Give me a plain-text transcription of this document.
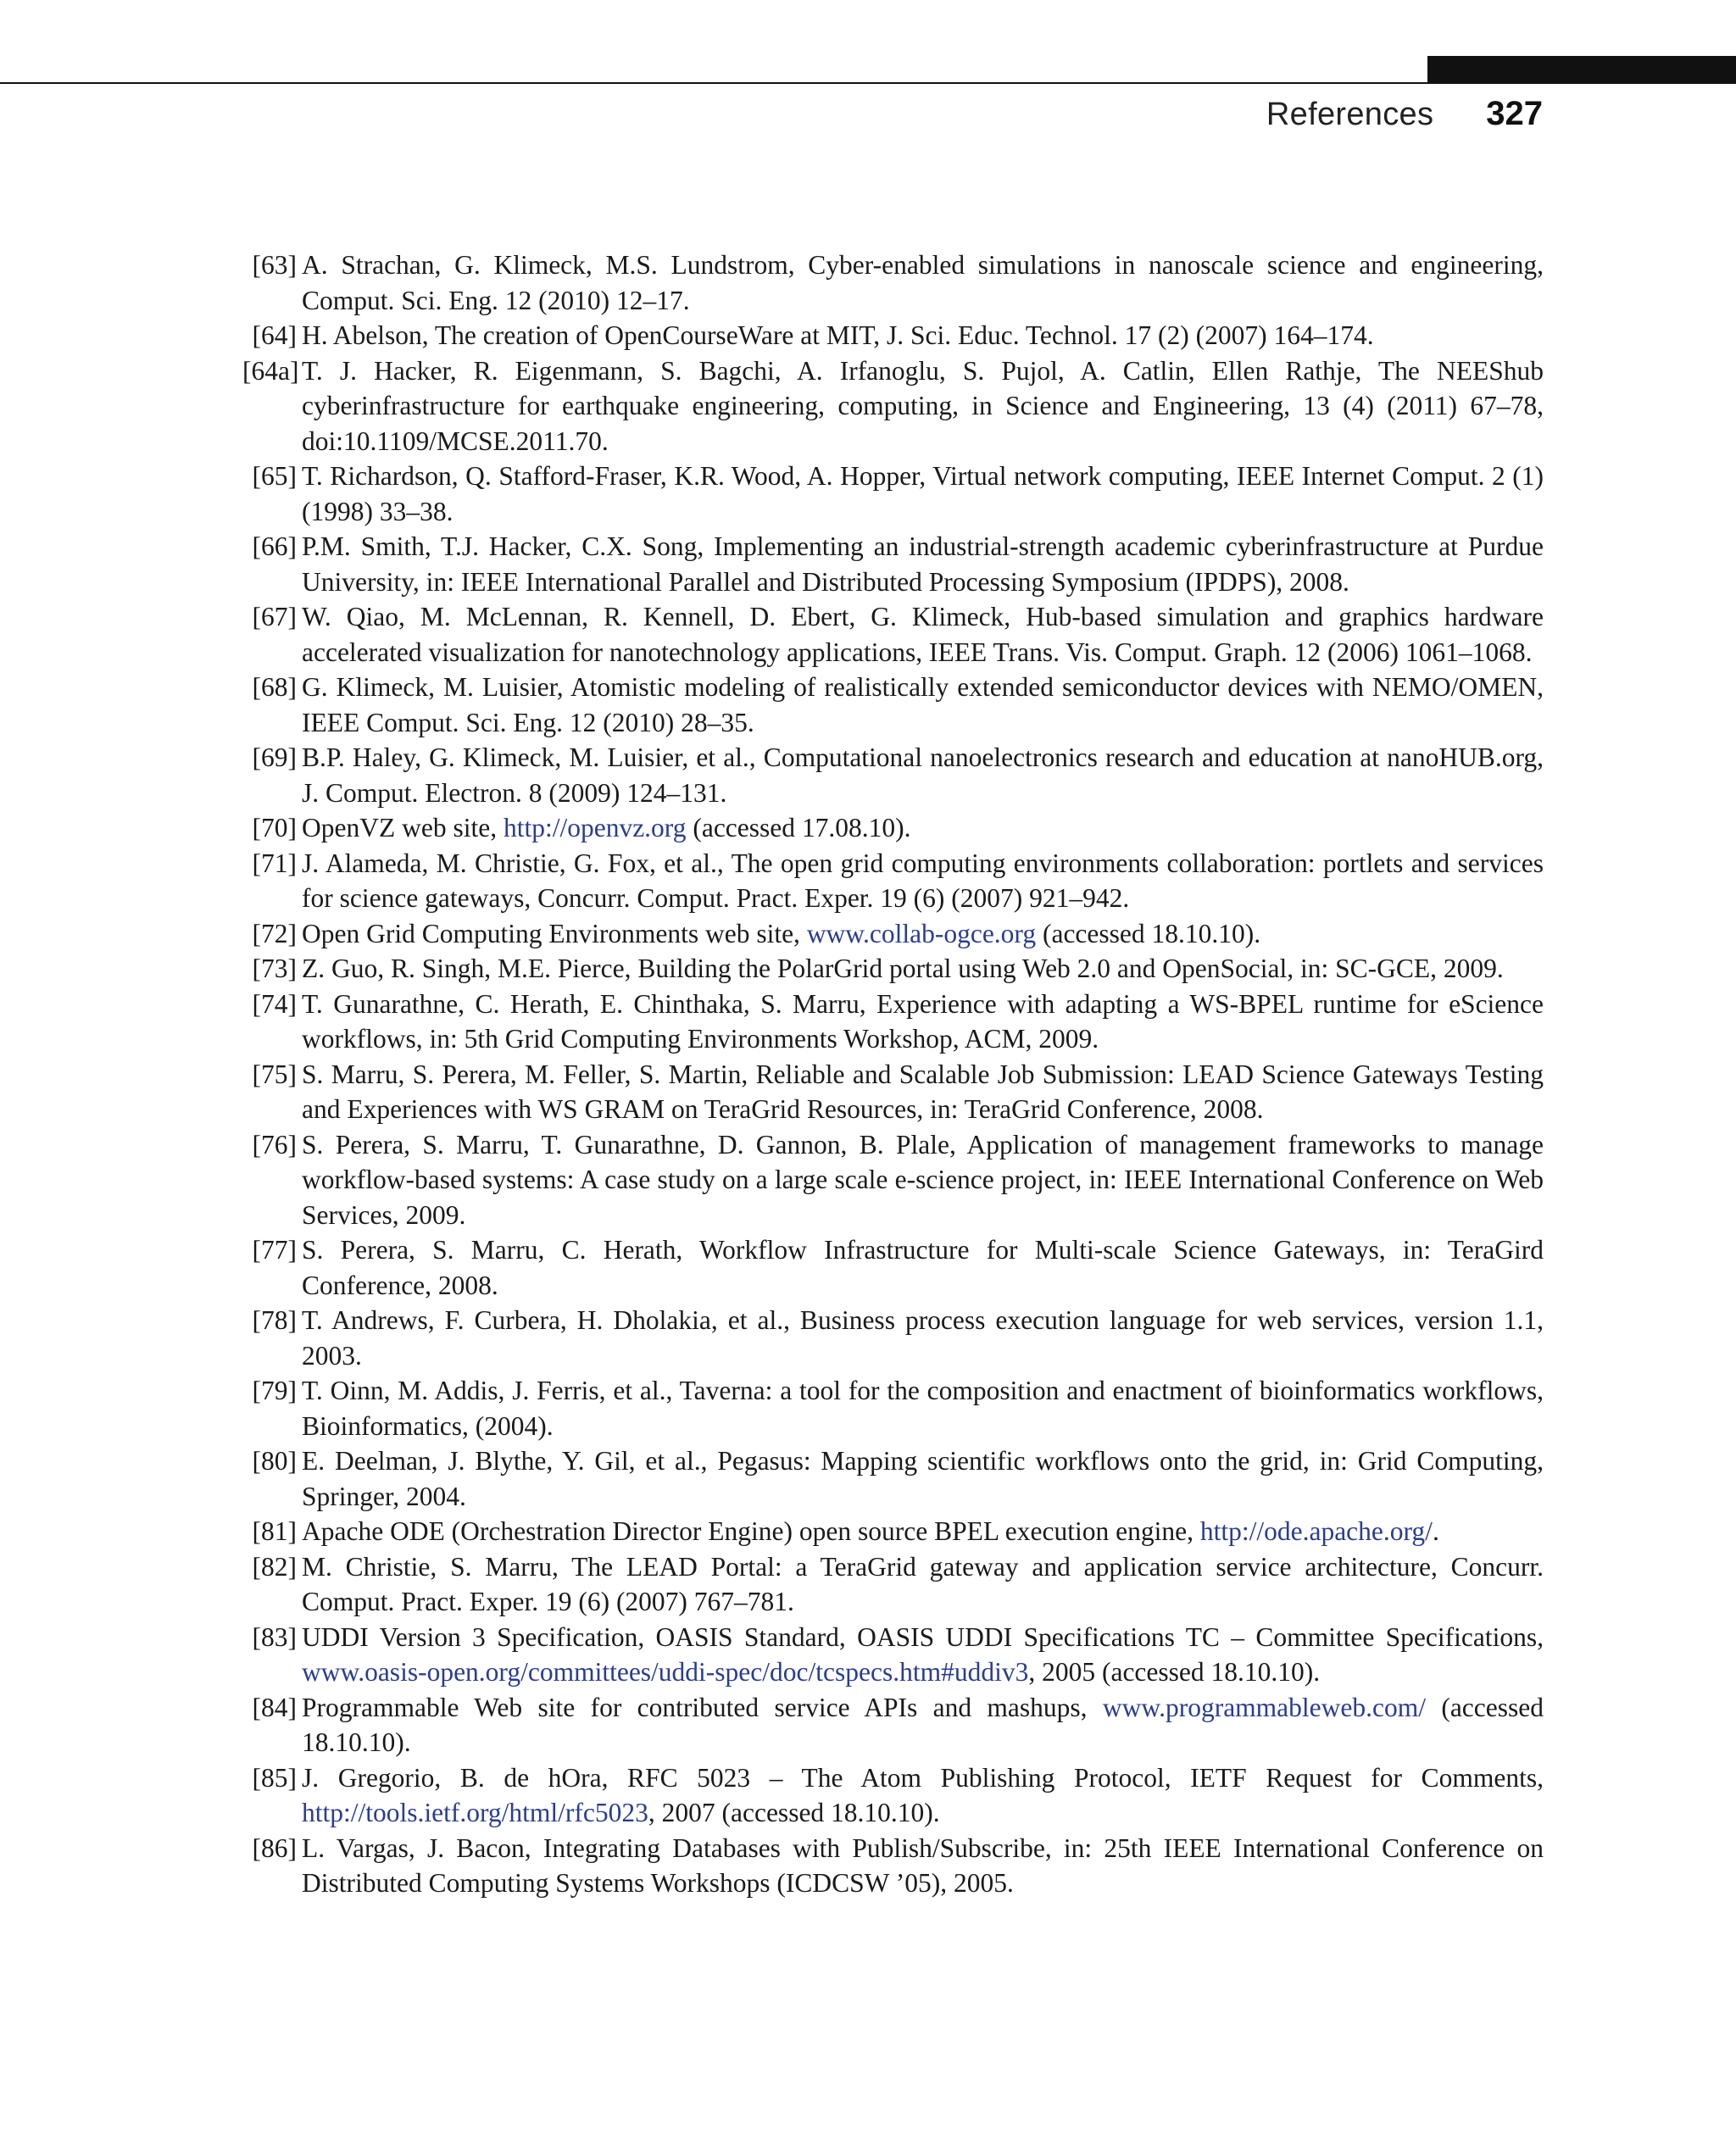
References 327
[63] A. Strachan, G. Klimeck, M.S. Lundstrom, Cyber-enabled simulations in nanoscale science and engineering, Comput. Sci. Eng. 12 (2010) 12–17.
[64] H. Abelson, The creation of OpenCourseWare at MIT, J. Sci. Educ. Technol. 17 (2) (2007) 164–174.
[64a] T. J. Hacker, R. Eigenmann, S. Bagchi, A. Irfanoglu, S. Pujol, A. Catlin, Ellen Rathje, The NEEShub cyberinfrastructure for earthquake engineering, computing, in Science and Engineering, 13 (4) (2011) 67–78, doi:10.1109/MCSE.2011.70.
[65] T. Richardson, Q. Stafford-Fraser, K.R. Wood, A. Hopper, Virtual network computing, IEEE Internet Comput. 2 (1) (1998) 33–38.
[66] P.M. Smith, T.J. Hacker, C.X. Song, Implementing an industrial-strength academic cyberinfrastructure at Purdue University, in: IEEE International Parallel and Distributed Processing Symposium (IPDPS), 2008.
[67] W. Qiao, M. McLennan, R. Kennell, D. Ebert, G. Klimeck, Hub-based simulation and graphics hardware accelerated visualization for nanotechnology applications, IEEE Trans. Vis. Comput. Graph. 12 (2006) 1061–1068.
[68] G. Klimeck, M. Luisier, Atomistic modeling of realistically extended semiconductor devices with NEMO/OMEN, IEEE Comput. Sci. Eng. 12 (2010) 28–35.
[69] B.P. Haley, G. Klimeck, M. Luisier, et al., Computational nanoelectronics research and education at nanoHUB.org, J. Comput. Electron. 8 (2009) 124–131.
[70] OpenVZ web site, http://openvz.org (accessed 17.08.10).
[71] J. Alameda, M. Christie, G. Fox, et al., The open grid computing environments collaboration: portlets and services for science gateways, Concurr. Comput. Pract. Exper. 19 (6) (2007) 921–942.
[72] Open Grid Computing Environments web site, www.collab-ogce.org (accessed 18.10.10).
[73] Z. Guo, R. Singh, M.E. Pierce, Building the PolarGrid portal using Web 2.0 and OpenSocial, in: SC-GCE, 2009.
[74] T. Gunarathne, C. Herath, E. Chinthaka, S. Marru, Experience with adapting a WS-BPEL runtime for eScience workflows, in: 5th Grid Computing Environments Workshop, ACM, 2009.
[75] S. Marru, S. Perera, M. Feller, S. Martin, Reliable and Scalable Job Submission: LEAD Science Gateways Testing and Experiences with WS GRAM on TeraGrid Resources, in: TeraGrid Conference, 2008.
[76] S. Perera, S. Marru, T. Gunarathne, D. Gannon, B. Plale, Application of management frameworks to manage workflow-based systems: A case study on a large scale e-science project, in: IEEE International Conference on Web Services, 2009.
[77] S. Perera, S. Marru, C. Herath, Workflow Infrastructure for Multi-scale Science Gateways, in: TeraGird Conference, 2008.
[78] T. Andrews, F. Curbera, H. Dholakia, et al., Business process execution language for web services, version 1.1, 2003.
[79] T. Oinn, M. Addis, J. Ferris, et al., Taverna: a tool for the composition and enactment of bioinformatics workflows, Bioinformatics, (2004).
[80] E. Deelman, J. Blythe, Y. Gil, et al., Pegasus: Mapping scientific workflows onto the grid, in: Grid Computing, Springer, 2004.
[81] Apache ODE (Orchestration Director Engine) open source BPEL execution engine, http://ode.apache.org/.
[82] M. Christie, S. Marru, The LEAD Portal: a TeraGrid gateway and application service architecture, Concurr. Comput. Pract. Exper. 19 (6) (2007) 767–781.
[83] UDDI Version 3 Specification, OASIS Standard, OASIS UDDI Specifications TC – Committee Specifications, www.oasis-open.org/committees/uddi-spec/doc/tcspecs.htm#uddiv3, 2005 (accessed 18.10.10).
[84] Programmable Web site for contributed service APIs and mashups, www.programmableweb.com/ (accessed 18.10.10).
[85] J. Gregorio, B. de hOra, RFC 5023 – The Atom Publishing Protocol, IETF Request for Comments, http://tools.ietf.org/html/rfc5023, 2007 (accessed 18.10.10).
[86] L. Vargas, J. Bacon, Integrating Databases with Publish/Subscribe, in: 25th IEEE International Conference on Distributed Computing Systems Workshops (ICDCSW ’05), 2005.
